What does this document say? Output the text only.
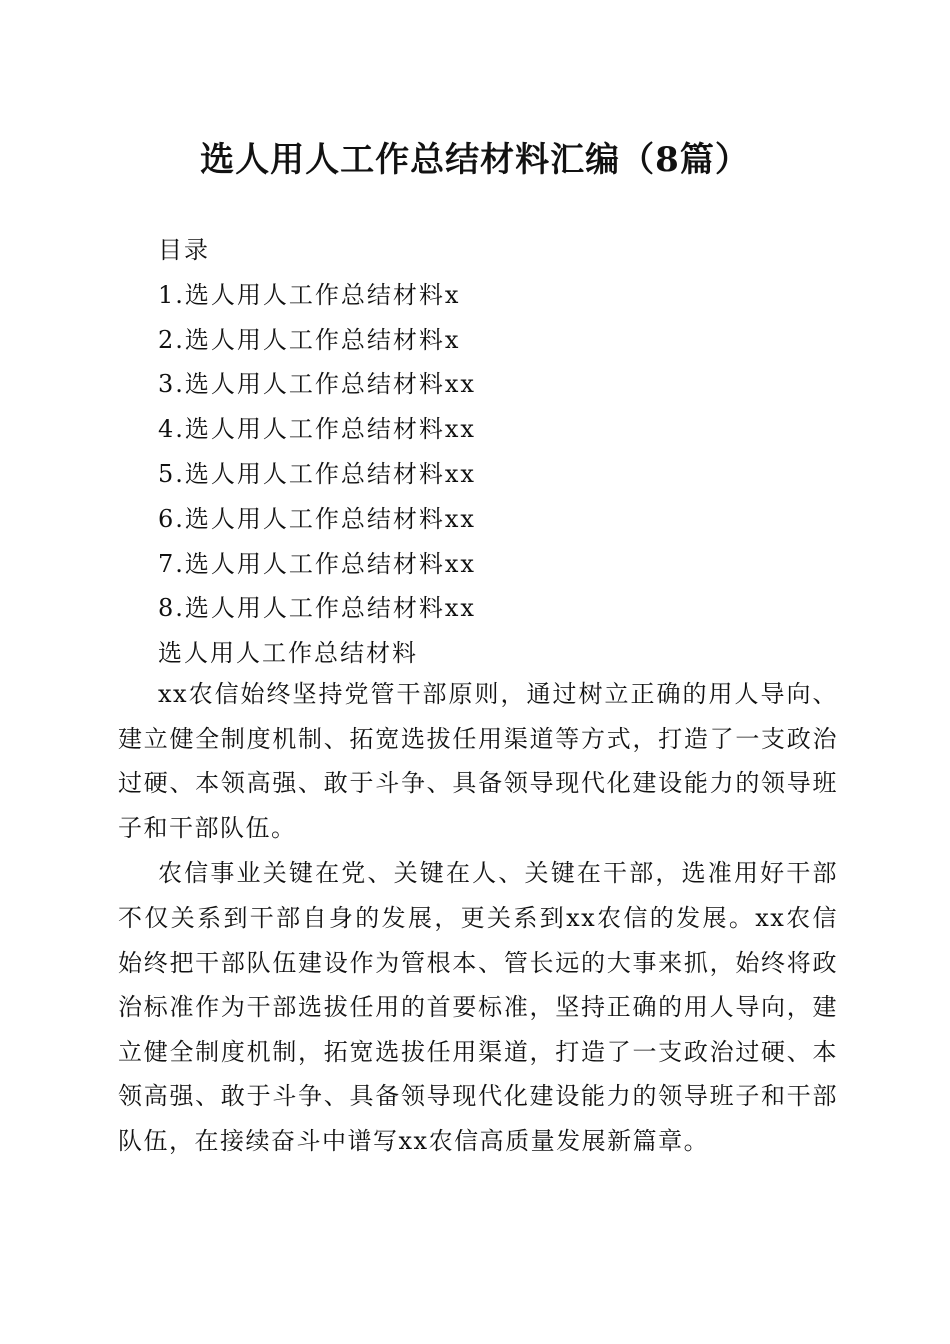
选人用人工作总结材料汇编（8篇）
目录
1.选人用人工作总结材料x
2.选人用人工作总结材料x
3.选人用人工作总结材料xx
4.选人用人工作总结材料xx
5.选人用人工作总结材料xx
6.选人用人工作总结材料xx
7.选人用人工作总结材料xx
8.选人用人工作总结材料xx
选人用人工作总结材料

xx农信始终坚持党管干部原则，通过树立正确的用人导向、建立健全制度机制、拓宽选拔任用渠道等方式，打造了一支政治过硬、本领高强、敢于斗争、具备领导现代化建设能力的领导班子和干部队伍。

农信事业关键在党、关键在人、关键在干部，选准用好干部不仅关系到干部自身的发展，更关系到xx农信的发展。xx农信始终把干部队伍建设作为管根本、管长远的大事来抓，始终将政治标准作为干部选拔任用的首要标准，坚持正确的用人导向，建立健全制度机制，拓宽选拔任用渠道，打造了一支政治过硬、本领高强、敢于斗争、具备领导现代化建设能力的领导班子和干部队伍，在接续奋斗中谱写xx农信高质量发展新篇章。
